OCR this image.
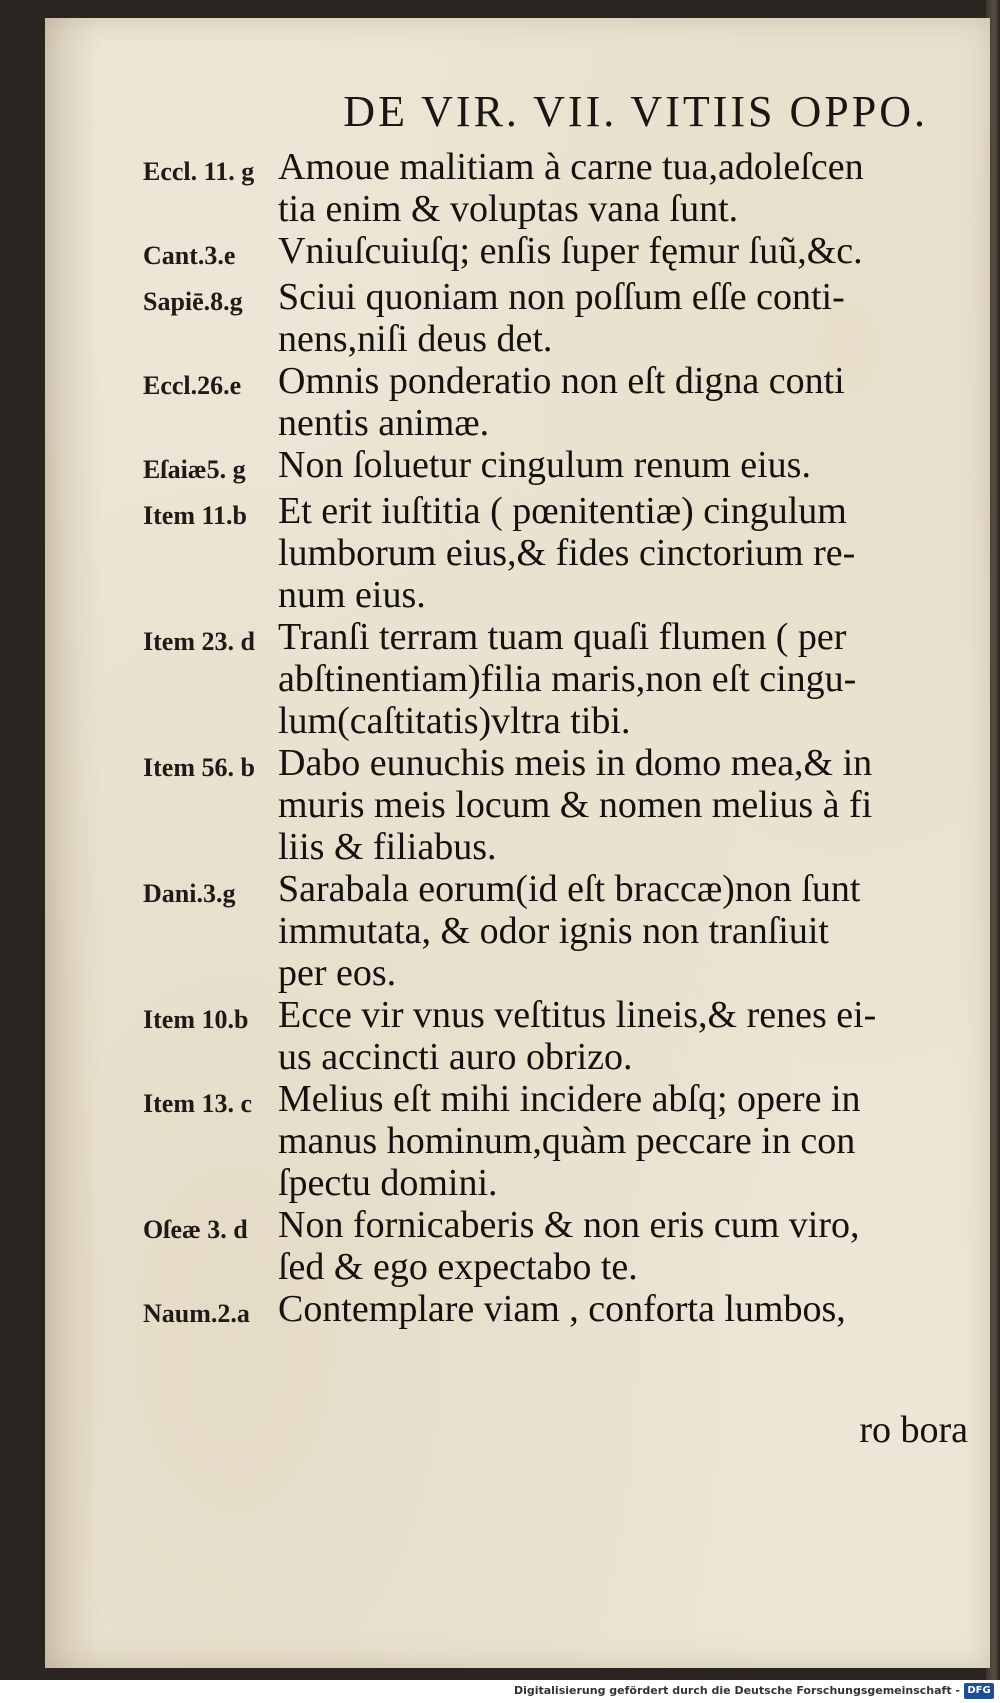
DE VIR. VII. VITIIS OPPO.
Eccl. 11. g Amoue malitiam à carne tua,adoleſcen
tia enim & voluptas vana ſunt.
Cant.3.e	Vniuſcuiuſq; enſis ſuper fęmur ſuũ,&c.
Sapiē.8.g Sciui quoniam non poſſum eſſe conti-
nens,niſi deus det.
Eccl.26.e Omnis ponderatio non eſt digna conti
nentis animæ.
Eſaiæ5. g Non ſoluetur cingulum renum eius.
Item 11.b Et erit iuſtitia ( pœnitentiæ) cingulum
lumborum eius,& fides cinctorium re-
num eius.
Item 23. d Tranſi terram tuam quaſi flumen ( per
abſtinentiam)filia maris,non eſt cingu-
lum(caſtitatis)vltra tibi.
Item 56. b Dabo eunuchis meis in domo mea,& in
muris meis locum & nomen melius à fi
liis & filiabus.
Dani.3.g	Sarabala eorum(id eſt braccæ)non ſunt
immutata, & odor ignis non tranſiuit
per eos.
Item 10.b Ecce vir vnus veſtitus lineis,& renes ei-
us accincti auro obrizo.
Item 13. c Melius eſt mihi incidere abſq; opere in
manus hominum,quàm peccare in con
ſpectu domini.
Oſeæ 3. d Non fornicaberis & non eris cum viro,
ſed & ego expectabo te.
Naum.2.a Contemplare viam , conforta lumbos,
ro bora
Digitalisierung gefördert durch die Deutsche Forschungsgemeinschaft - DFG
